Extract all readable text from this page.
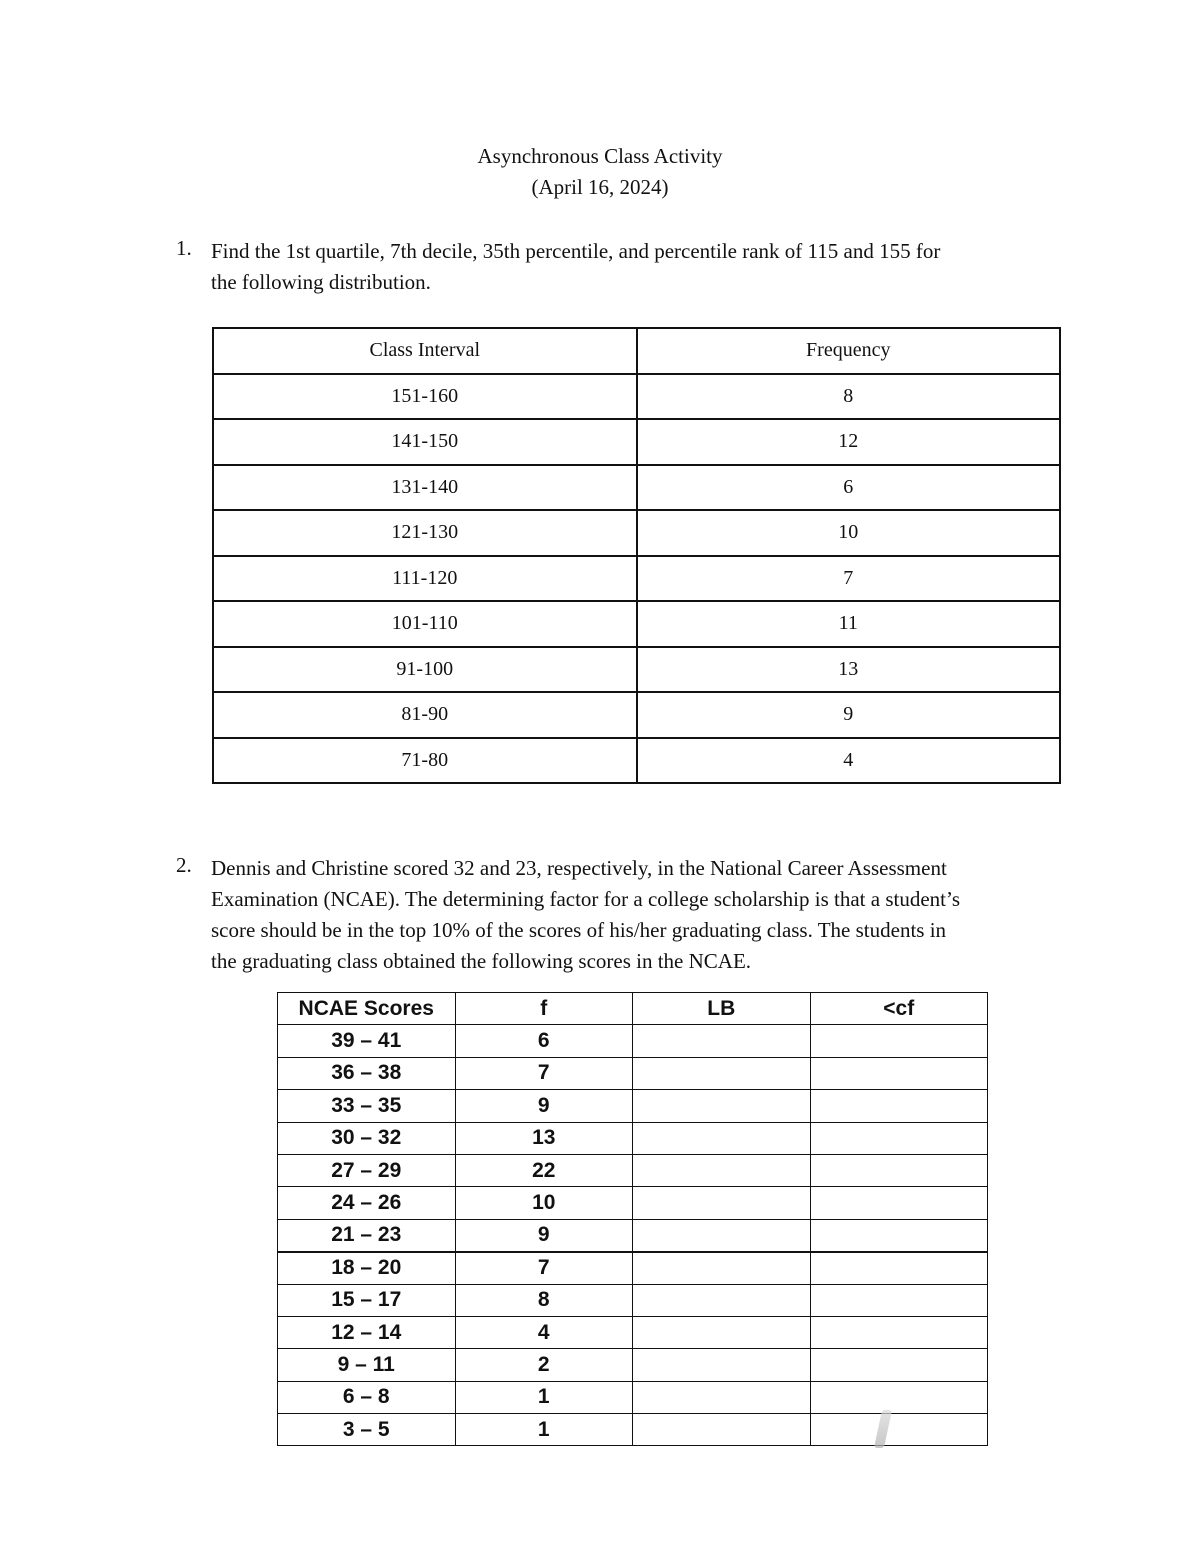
Asynchronous Class Activity
(April 16, 2024)
1. Find the 1st quartile, 7th decile, 35th percentile, and percentile rank of 115 and 155 for
the following distribution.
Class Interval	Frequency
151-160	8
141-150	12
131-140	6
121-130	10
111-120	7
101-110	11
91-100	13
81-90	9
71-80	4
2. Dennis and Christine scored 32 and 23, respectively, in the National Career Assessment
Examination (NCAE). The determining factor for a college scholarship is that a student’s
score should be in the top 10% of the scores of his/her graduating class. The students in
the graduating class obtained the following scores in the NCAE.
NCAE Scores	f	LB	<cf
39 – 41	6		
36 – 38	7		
33 – 35	9		
30 – 32	13		
27 – 29	22		
24 – 26	10		
21 – 23	9		
18 – 20	7		
15 – 17	8		
12 – 14	4		
9 – 11	2		
6 – 8	1		
3 – 5	1		
